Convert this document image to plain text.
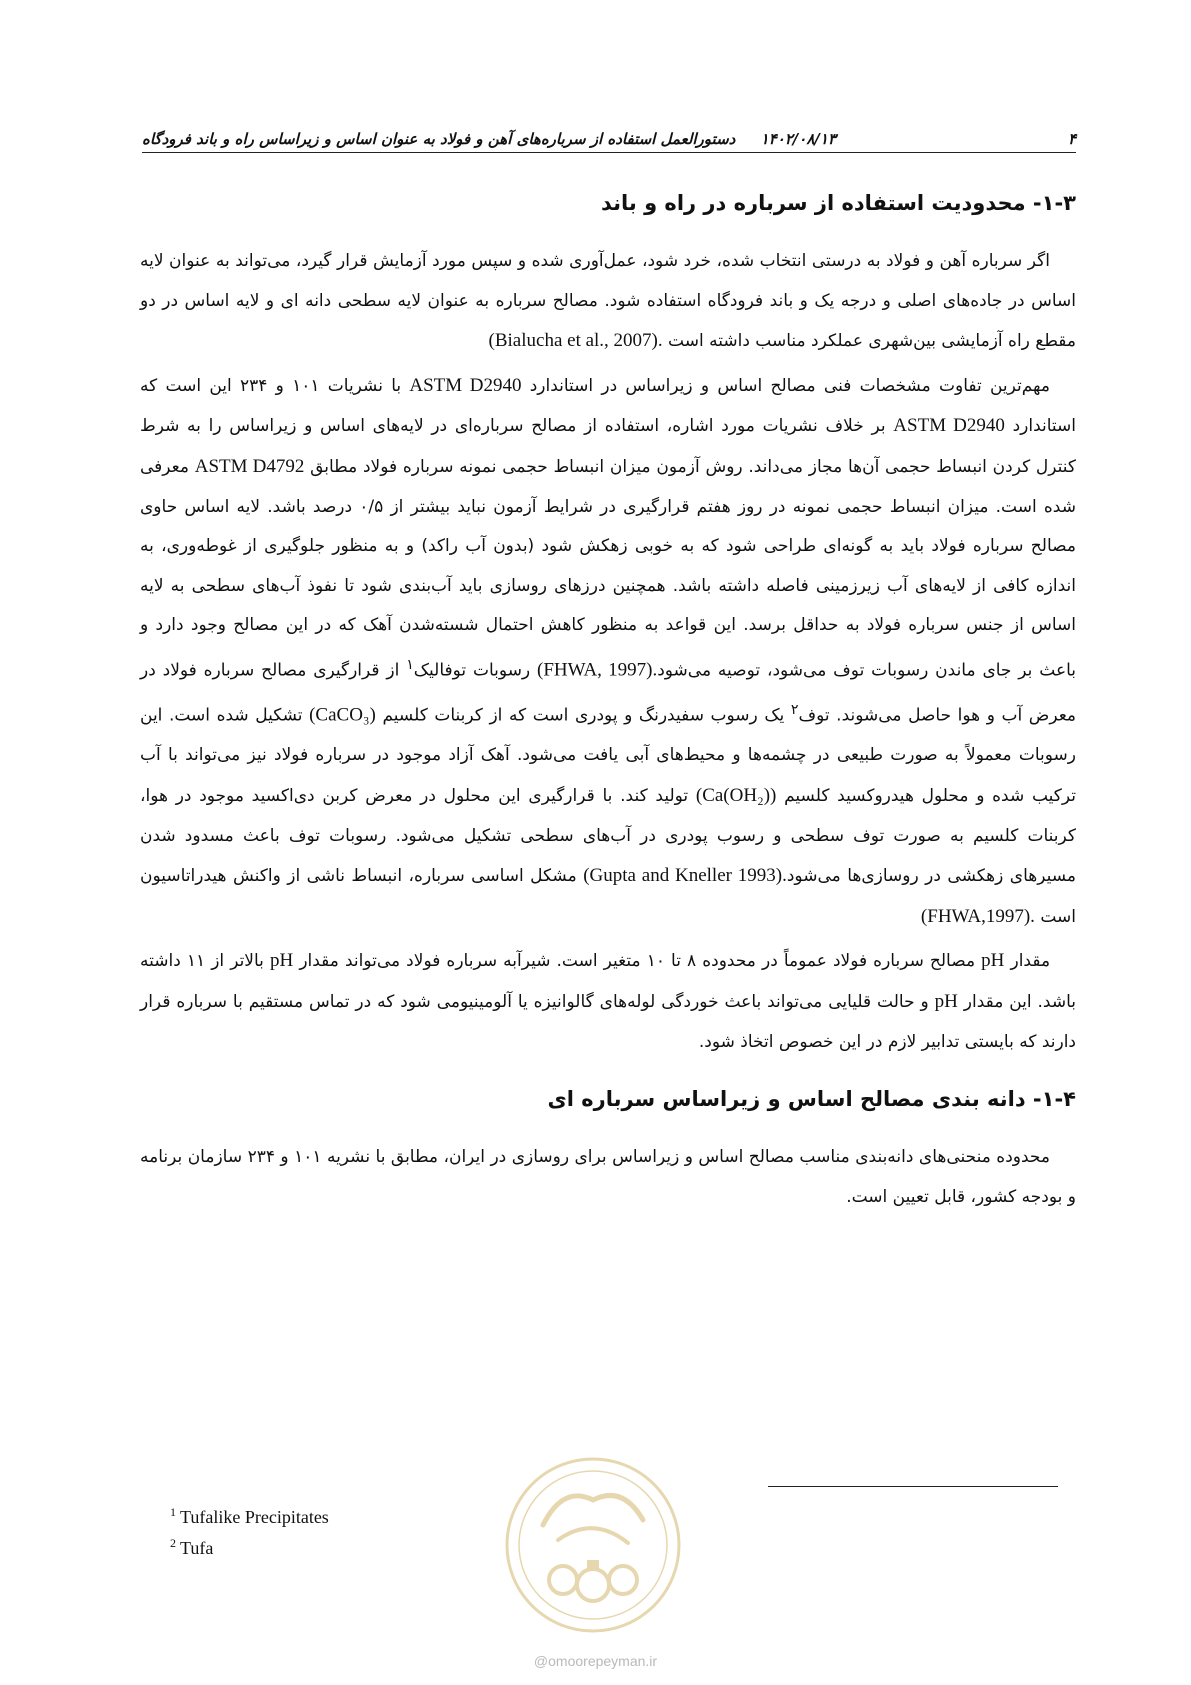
۴
۱۴۰۲/۰۸/۱۳
دستورالعمل استفاده از سرباره‌های آهن و فولاد به عنوان اساس و زیراساس راه و باند فرودگاه
۱-۳- محدودیت استفاده از سرباره در راه و باند

اگر سرباره آهن و فولاد به درستی انتخاب شده، خرد شود، عمل‌آوری شده و سپس مورد آزمایش قرار گیرد، می‌تواند به عنوان لایه اساس در جاده‌های اصلی و درجه یک و باند فرودگاه استفاده شود. مصالح سرباره به عنوان لایه سطحی دانه ای و لایه اساس در دو مقطع راه آزمایشی بین‌شهری عملکرد مناسب داشته است (Bialucha et al., 2007).

مهم‌ترین تفاوت مشخصات فنی مصالح اساس و زیراساس در استاندارد ASTM D2940 با نشریات ۱۰۱ و ۲۳۴ این است که استاندارد ASTM D2940 بر خلاف نشریات مورد اشاره، استفاده از مصالح سرباره‌ای در لایه‌های اساس و زیراساس را به شرط کنترل کردن انبساط حجمی آن‌ها مجاز می‌داند. روش آزمون میزان انبساط حجمی نمونه سرباره فولاد مطابق ASTM D4792 معرفی شده است. میزان انبساط حجمی نمونه در روز هفتم قرارگیری در شرایط آزمون نباید بیشتر از ۰/۵ درصد باشد. لایه اساس حاوی مصالح سرباره فولاد باید به گونه‌ای طراحی شود که به خوبی زهکش شود (بدون آب راکد) و به منظور جلوگیری از غوطه‌وری، به اندازه کافی از لایه‌های آب زیرزمینی فاصله داشته باشد. همچنین درزهای روسازی باید آب‌بندی شود تا نفوذ آب‌های سطحی به لایه اساس از جنس سرباره فولاد به حداقل برسد. این قواعد به منظور کاهش احتمال شسته‌شدن آهک که در این مصالح وجود دارد و باعث بر جای ماندن رسوبات توف می‌شود، توصیه می‌شود(FHWA, 1997). رسوبات توفالیک$^۱$ از قرارگیری مصالح سرباره فولاد در معرض آب و هوا حاصل می‌شوند. توف$^۲$ یک رسوب سفیدرنگ و پودری است که از کربنات کلسیم (CaCO₃) تشکیل شده است. این رسوبات معمولاً به صورت طبیعی در چشمه‌ها و محیط‌های آبی یافت می‌شود. آهک آزاد موجود در سرباره فولاد نیز می‌تواند با آب ترکیب شده و محلول هیدروکسید کلسیم (Ca(OH₂)) تولید کند. با قرارگیری این محلول در معرض کربن دی‌اکسید موجود در هوا، کربنات کلسیم به صورت توف سطحی و رسوب پودری در آب‌های سطحی تشکیل می‌شود. رسوبات توف باعث مسدود شدن مسیرهای زهکشی در روسازی‌ها می‌شود(Gupta and Kneller 1993). مشکل اساسی سرباره، انبساط ناشی از واکنش هیدراتاسیون است (FHWA,1997).

مقدار pH مصالح سرباره فولاد عموماً در محدوده ۸ تا ۱۰ متغیر است. شیرآبه سرباره فولاد می‌تواند مقدار pH بالاتر از ۱۱ داشته باشد. این مقدار pH و حالت قلیایی می‌تواند باعث خوردگی لوله‌های گالوانیزه یا آلومینیومی شود که در تماس مستقیم با سرباره قرار دارند که بایستی تدابیر لازم در این خصوص اتخاذ شود.

۱-۴- دانه بندی مصالح اساس و زیراساس سرباره ای

محدوده منحنی‌های دانه‌بندی مناسب مصالح اساس و زیراساس برای روسازی در ایران، مطابق با نشریه ۱۰۱ و ۲۳۴ سازمان برنامه و بودجه کشور، قابل تعیین است.

$^1$ Tufalike Precipitates
$^2$ Tufa
@omoorepeyman.ir
